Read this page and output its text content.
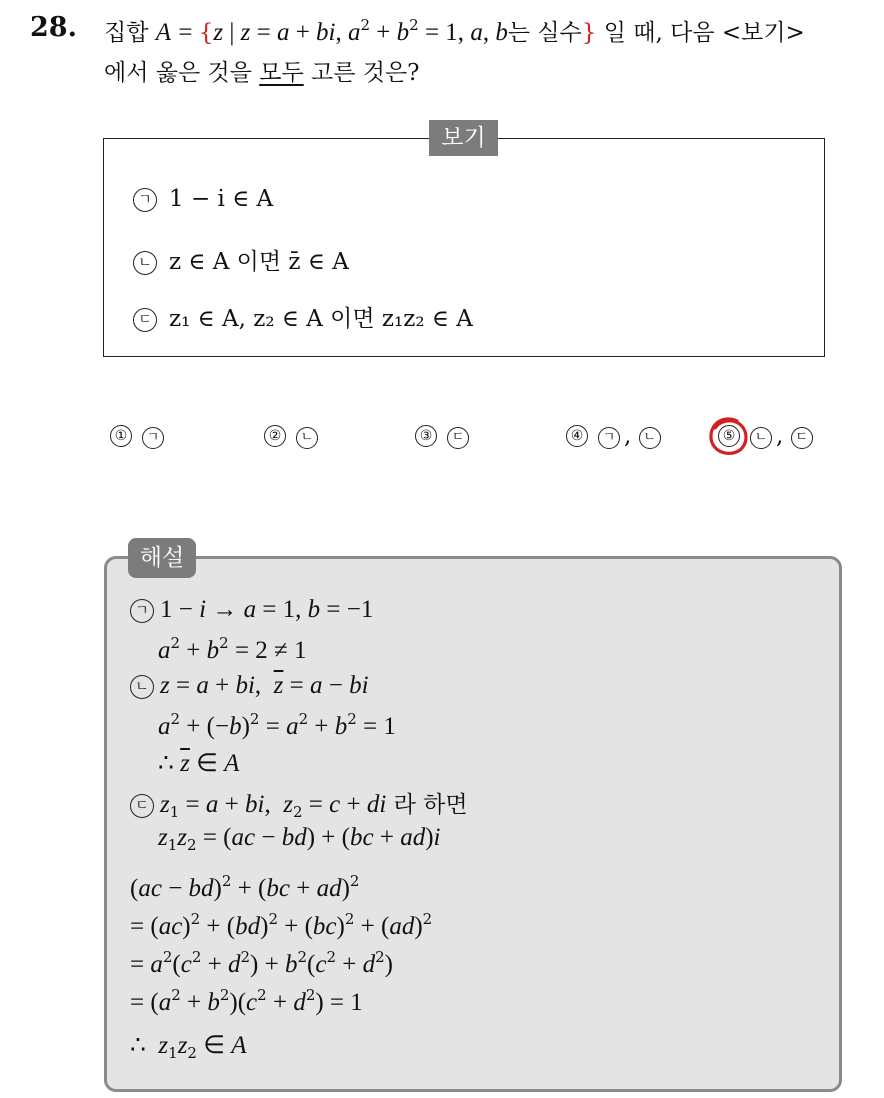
28. 집합 A = {z | z = a + bi, $a^2 + b^2 = 1$, a, b는 실수} 일 때, 다음 <보기>
에서 옳은 것을 모두 고른 것은?
보기
ㄱ 1 − i ∈ A
ㄴ z ∈ A 이면 z̄ ∈ A
ㄷ z₁ ∈ A, z₂ ∈ A 이면 z₁z₂ ∈ A
① ㄱ	② ㄴ	③ ㄷ	④ ㄱ , ㄴ	⑤ ㄴ , ㄷ
해설
ㄱ 1 − i → a = 1, b = −1
$a^2 + b^2 = 2 \ne 1$
ㄴ z = a + bi,  $\overline{z} = a$ − bi
$a^2 + (-b)^2 = a^2 + b^2 = 1$
∴ $\overline{z}$ ∈ A
ㄷ $z_1 = a$ + bi,  $z_2 = c$ + di 라 하면
$z_1z_2 = (ac - bd) + (bc + ad)i$
(ac − bd)$^2$ + (bc + ad)$^2$
= (ac)$^2$ + (bd)$^2$ + (bc)$^2$ + (ad)$^2$
= $a^2(c^2 + d^2) + b^2(c^2 + d^2)$
= $(a^2 + b^2)(c^2 + d^2) = 1$
∴  $z_1z_2$ ∈ A
